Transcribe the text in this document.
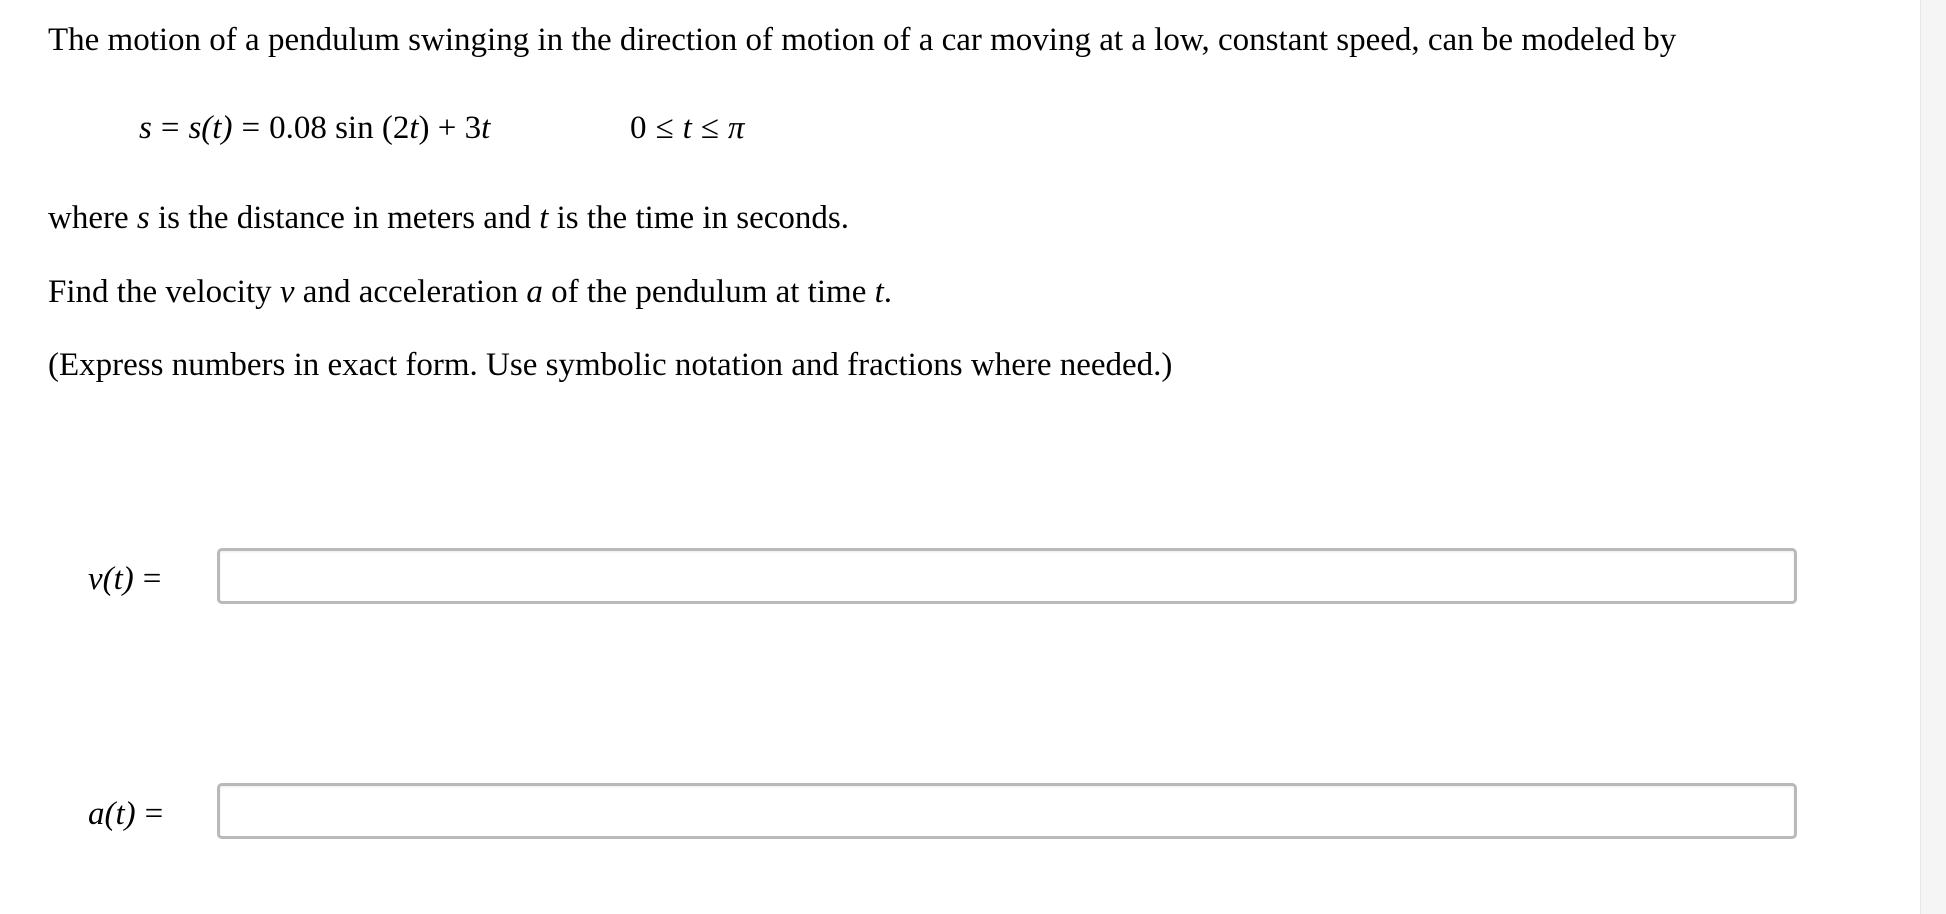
The motion of a pendulum swinging in the direction of motion of a car moving at a low, constant speed, can be modeled by
s = s(t) = 0.08 sin (2t) + 3t	0 ≤ t ≤ π
where s is the distance in meters and t is the time in seconds.
Find the velocity v and acceleration a of the pendulum at time t.
(Express numbers in exact form. Use symbolic notation and fractions where needed.)
v(t) =
a(t) =
